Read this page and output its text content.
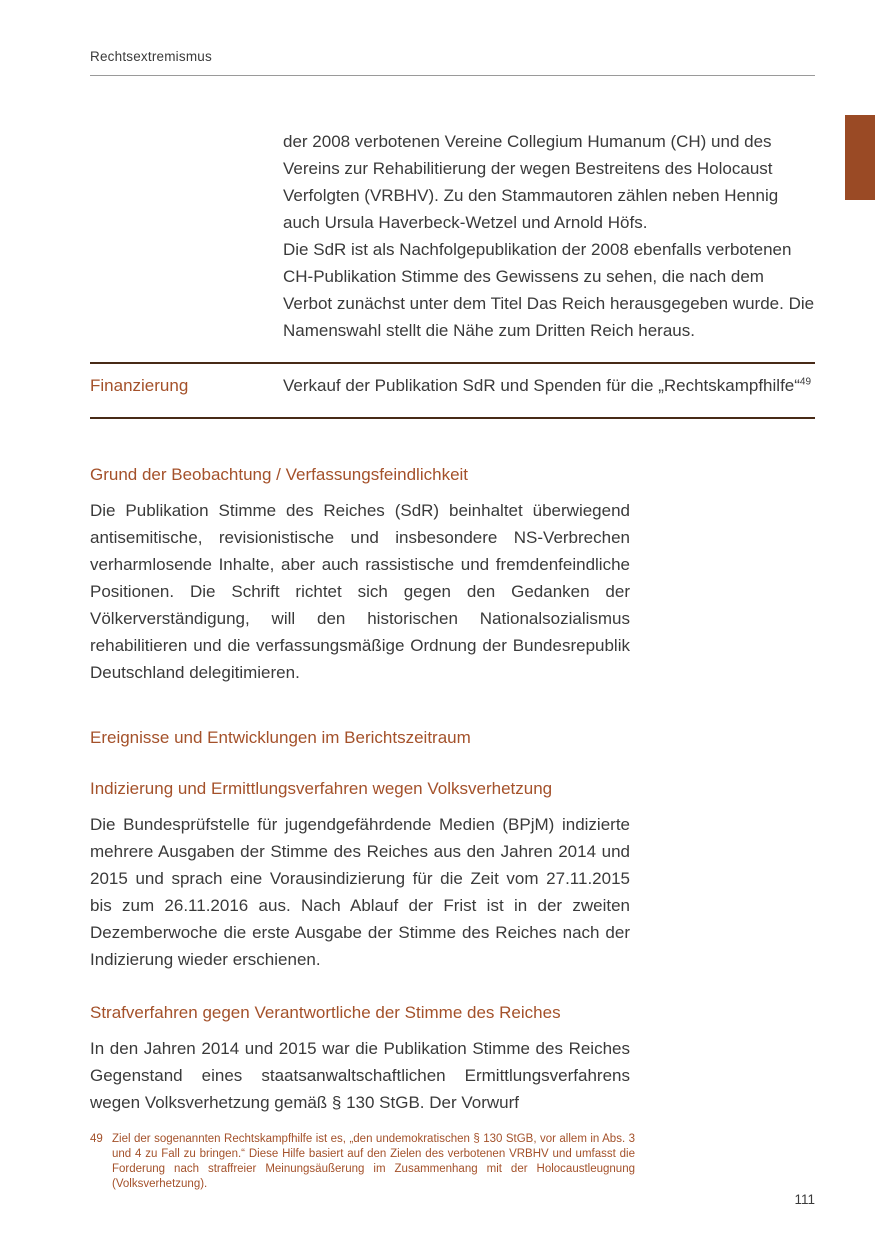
Rechtsextremismus

der 2008 verbotenen Vereine Collegium Humanum (CH) und des Vereins zur Rehabilitierung der wegen Bestreitens des Holocaust Verfolgten (VRBHV). Zu den Stammautoren zählen neben Hennig auch Ursula Haverbeck-Wetzel und Arnold Höfs.

Die SdR ist als Nachfolgepublikation der 2008 ebenfalls verbotenen CH-Publikation Stimme des Gewissens zu sehen, die nach dem Verbot zunächst unter dem Titel Das Reich herausgegeben wurde. Die Namenswahl stellt die Nähe zum Dritten Reich heraus.

Finanzierung	Verkauf der Publikation SdR und Spenden für die „Rechtskampfhilfe“$^{49}$

Grund der Beobachtung / Verfassungsfeindlichkeit

Die Publikation Stimme des Reiches (SdR) beinhaltet überwiegend antisemitische, revisionistische und insbesondere NS-Verbrechen verharmlosende Inhalte, aber auch rassistische und fremdenfeindliche Positionen. Die Schrift richtet sich gegen den Gedanken der Völkerverständigung, will den historischen Nationalsozialismus rehabilitieren und die verfassungsmäßige Ordnung der Bundesrepublik Deutschland delegitimieren.

Ereignisse und Entwicklungen im Berichtszeitraum
Indizierung und Ermittlungsverfahren wegen Volksverhetzung

Die Bundesprüfstelle für jugendgefährdende Medien (BPjM) indizierte mehrere Ausgaben der Stimme des Reiches aus den Jahren 2014 und 2015 und sprach eine Vorausindizierung für die Zeit vom 27.11.2015 bis zum 26.11.2016 aus. Nach Ablauf der Frist ist in der zweiten Dezemberwoche die erste Ausgabe der Stimme des Reiches nach der Indizierung wieder erschienen.

Strafverfahren gegen Verantwortliche der Stimme des Reiches

In den Jahren 2014 und 2015 war die Publikation Stimme des Reiches Gegenstand eines staatsanwaltschaftlichen Ermittlungsverfahrens wegen Volksverhetzung gemäß § 130 StGB. Der Vorwurf

49 Ziel der sogenannten Rechtskampfhilfe ist es, „den undemokratischen § 130 StGB, vor allem in Abs. 3 und 4 zu Fall zu bringen.“ Diese Hilfe basiert auf den Zielen des verbotenen VRBHV und umfasst die Forderung nach straffreier Meinungsäußerung im Zusammenhang mit der Holocaustleugnung (Volksverhetzung).
111
